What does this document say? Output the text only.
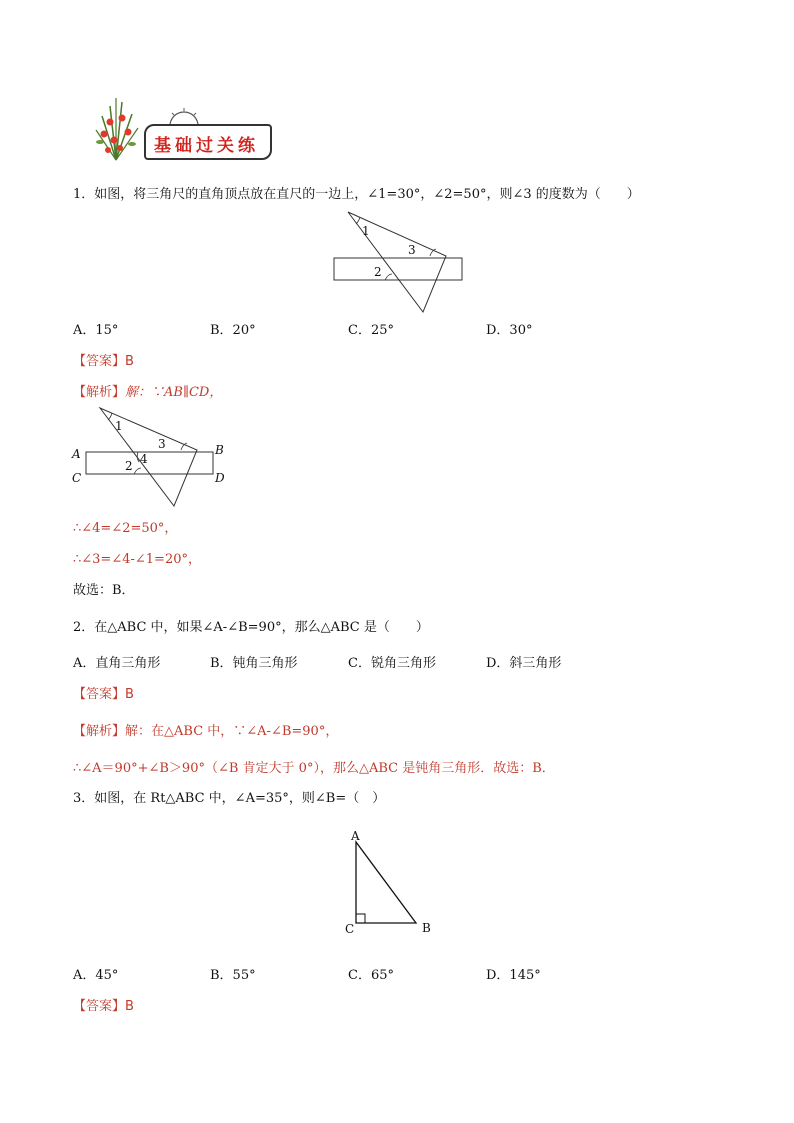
基础过关练
1．如图，将三角尺的直角顶点放在直尺的一边上，∠1=30°，∠2=50°，则∠3 的度数为（　　）
1
3
2
A．15°	B．20°	C．25°	D．30°
【答案】B
【解析】解：∵AB∥CD，
A	B
C	D
1
3
4
2
∴∠4=∠2=50°，
∴∠3=∠4-∠1=20°，
故选：B．
2．在△ABC 中，如果∠A-∠B=90°，那么△ABC 是（　　）
A．直角三角形	B．钝角三角形	C．锐角三角形	D．斜三角形
【答案】B
【解析】解：在△ABC 中，∵∠A-∠B=90°，
∴∠A＝90°+∠B＞90°（∠B 肯定大于 0°），那么△ABC 是钝角三角形．故选：B．
3．如图，在 Rt△ABC 中，∠A=35°，则∠B=（　）
A
C	B
A．45°	B．55°	C．65°	D．145°
【答案】B
